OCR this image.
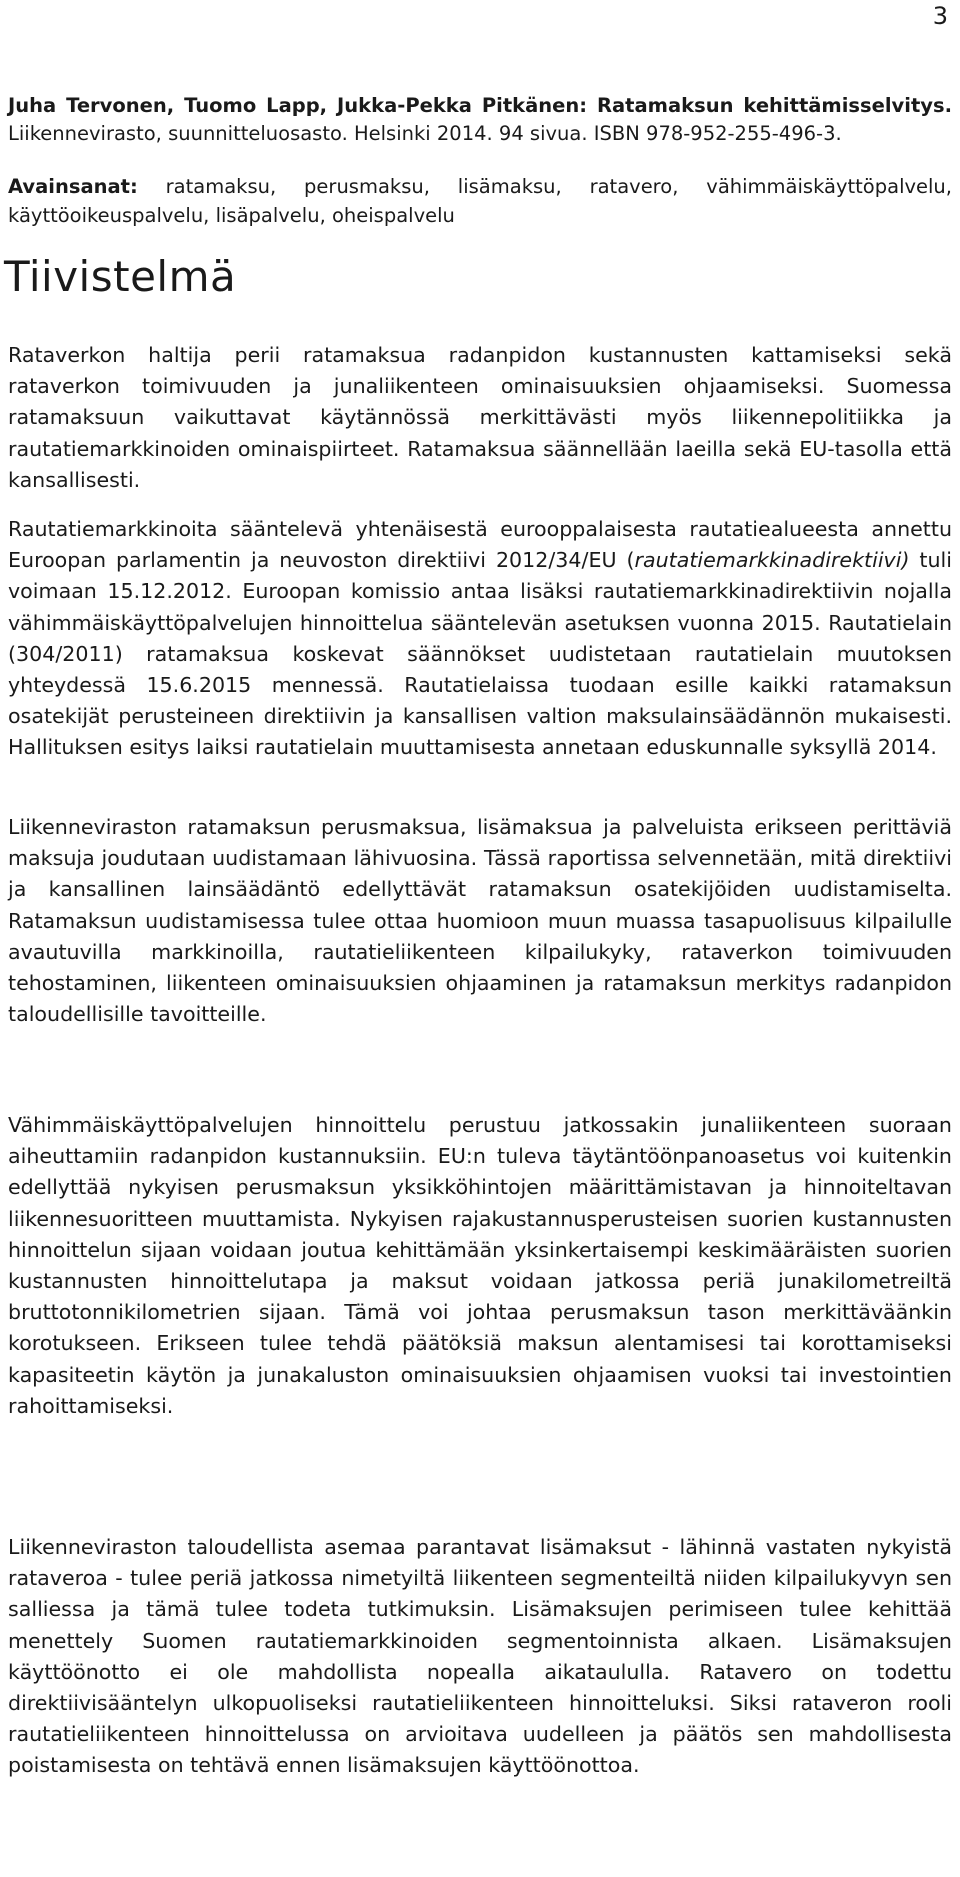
3

Juha Tervonen, Tuomo Lapp, Jukka-Pekka Pitkänen: Ratamaksun kehittämisselvitys. Liikennevirasto, suunnitteluosasto. Helsinki 2014. 94 sivua. ISBN 978-952-255-496-3.

Avainsanat: ratamaksu, perusmaksu, lisämaksu, ratavero, vähimmäiskäyttöpalvelu, käyttöoikeuspalvelu, lisäpalvelu, oheispalvelu

Tiivistelmä

Rataverkon haltija perii ratamaksua radanpidon kustannusten kattamiseksi sekä rataverkon toimivuuden ja junaliikenteen ominaisuuksien ohjaamiseksi. Suomessa ratamaksuun vaikuttavat käytännössä merkittävästi myös liikennepolitiikka ja rautatiemarkkinoiden ominaispiirteet. Ratamaksua säännellään laeilla sekä EU-tasolla että kansallisesti.

Rautatiemarkkinoita sääntelevä yhtenäisestä eurooppalaisesta rautatiealueesta annettu Euroopan parlamentin ja neuvoston direktiivi 2012/34/EU (rautatiemarkkinadirektiivi) tuli voimaan 15.12.2012. Euroopan komissio antaa lisäksi rautatiemarkkinadirektiivin nojalla vähimmäiskäyttöpalvelujen hinnoittelua sääntelevän asetuksen vuonna 2015. Rautatielain (304/2011) ratamaksua koskevat säännökset uudistetaan rautatielain muutoksen yhteydessä 15.6.2015 mennessä. Rautatielaissa tuodaan esille kaikki ratamaksun osatekijät perusteineen direktiivin ja kansallisen valtion maksulainsäädännön mukaisesti. Hallituksen esitys laiksi rautatielain muuttamisesta annetaan eduskunnalle syksyllä 2014.

Liikenneviraston ratamaksun perusmaksua, lisämaksua ja palveluista erikseen perittäviä maksuja joudutaan uudistamaan lähivuosina. Tässä raportissa selvennetään, mitä direktiivi ja kansallinen lainsäädäntö edellyttävät ratamaksun osatekijöiden uudistamiselta. Ratamaksun uudistamisessa tulee ottaa huomioon muun muassa tasapuolisuus kilpailulle avautuvilla markkinoilla, rautatieliikenteen kilpailukyky, rataverkon toimivuuden tehostaminen, liikenteen ominaisuuksien ohjaaminen ja ratamaksun merkitys radanpidon taloudellisille tavoitteille.

Vähimmäiskäyttöpalvelujen hinnoittelu perustuu jatkossakin junaliikenteen suoraan aiheuttamiin radanpidon kustannuksiin. EU:n tuleva täytäntöönpanoasetus voi kuitenkin edellyttää nykyisen perusmaksun yksikköhintojen määrittämistavan ja hinnoiteltavan liikennesuoritteen muuttamista. Nykyisen rajakustannusperusteisen suorien kustannusten hinnoittelun sijaan voidaan joutua kehittämään yksinkertaisempi keskimääräisten suorien kustannusten hinnoittelutapa ja maksut voidaan jatkossa periä junakilometreiltä bruttotonnikilometrien sijaan. Tämä voi johtaa perusmaksun tason merkittäväänkin korotukseen. Erikseen tulee tehdä päätöksiä maksun alentamisesi tai korottamiseksi kapasiteetin käytön ja junakaluston ominaisuuksien ohjaamisen vuoksi tai investointien rahoittamiseksi.

Liikenneviraston taloudellista asemaa parantavat lisämaksut - lähinnä vastaten nykyistä rataveroa - tulee periä jatkossa nimetyiltä liikenteen segmenteiltä niiden kilpailukyvyn sen salliessa ja tämä tulee todeta tutkimuksin. Lisämaksujen perimiseen tulee kehittää menettely Suomen rautatiemarkkinoiden segmentoinnista alkaen. Lisämaksujen käyttöönotto ei ole mahdollista nopealla aikataululla. Ratavero on todettu direktiivisääntelyn ulkopuoliseksi rautatieliikenteen hinnoitteluksi. Siksi rataveron rooli rautatieliikenteen hinnoittelussa on arvioitava uudelleen ja päätös sen mahdollisesta poistamisesta on tehtävä ennen lisämaksujen käyttöönottoa.
